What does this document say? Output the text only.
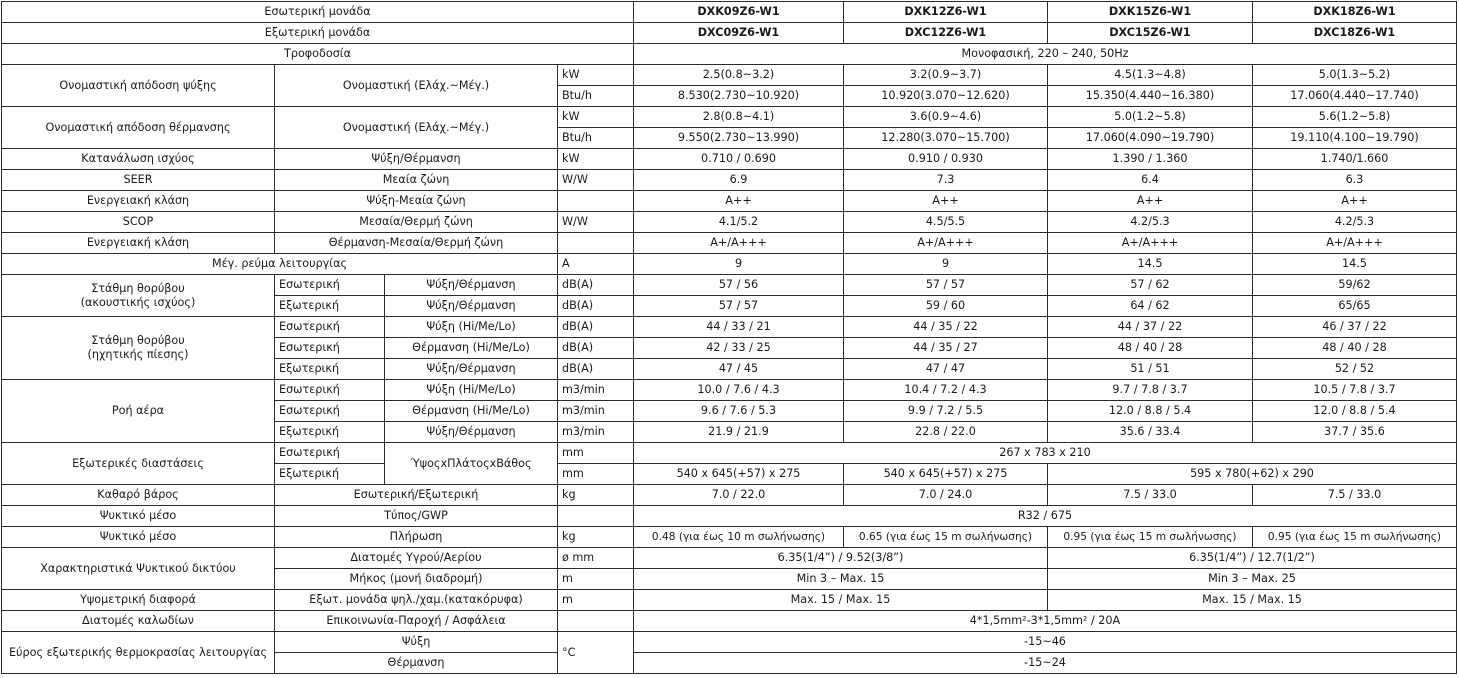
Εσωτερική μονάδα				DXK09Z6-W1	DXK12Z6-W1	DXK15Z6-W1	DXK18Z6-W1
Εξωτερική μονάδα				DXC09Z6-W1	DXC12Z6-W1	DXC15Z6-W1	DXC18Z6-W1
Τροφοδοσία				Μονοφασική, 220 – 240, 50Hz			
Ονομαστική απόδοση ψύξης	Ονομαστική (Ελάχ.~Μέγ.)		kW	2.5(0.8~3.2)	3.2(0.9~3.7)	4.5(1.3~4.8)	5.0(1.3~5.2)
			Btu/h	8.530(2.730~10.920)	10.920(3.070~12.620)	15.350(4.440~16.380)	17.060(4.440~17.740)
Ονομαστική απόδοση θέρμανσης	Ονομαστική (Ελάχ.~Μέγ.)		kW	2.8(0.8~4.1)	3.6(0.9~4.6)	5.0(1.2~5.8)	5.6(1.2~5.8)
			Btu/h	9.550(2.730~13.990)	12.280(3.070~15.700)	17.060(4.090~19.790)	19.110(4.100~19.790)
Κατανάλωση ισχύος	Ψύξη/Θέρμανση		kW	0.710 / 0.690	0.910 / 0.930	1.390 / 1.360	1.740/1.660
SEER	Μεαία ζώνη		W/W	6.9	7.3	6.4	6.3
Ενεργειακή κλάση	Ψύξη-Μεαία ζώνη			A++	A++	A++	A++
SCOP	Μεσαία/Θερμή ζώνη		W/W	4.1/5.2	4.5/5.5	4.2/5.3	4.2/5.3
Ενεργειακή κλάση	Θέρμανση-Μεσαία/Θερμή ζώνη			A+/A+++	A+/A+++	A+/A+++	A+/A+++
Μέγ. ρεύμα λειτουργίας			A	9	9	14.5	14.5

Στάθμη θορύβου
(ακουστικής ισχύος)	Εσωτερική	Ψύξη/Θέρμανση	dB(A)	57 / 56	57 / 57	57 / 62	59/62
	Εξωτερική	Ψύξη/Θέρμανση	dB(A)	57 / 57	59 / 60	64 / 62	65/65

Στάθμη θορύβου
(ηχητικής πίεσης)	Εσωτερική	Ψύξη (Hi/Me/Lo)	dB(A)	44 / 33 / 21	44 / 35 / 22	44 / 37 / 22	46 / 37 / 22
	Εσωτερική	Θέρμανση (Hi/Me/Lo)	dB(A)	42 / 33 / 25	44 / 35 / 27	48 / 40 / 28	48 / 40 / 28
	Εξωτερική	Ψύξη/Θέρμανση	dB(A)	47 / 45	47 / 47	51 / 51	52 / 52
Ροή αέρα	Εσωτερική	Ψύξη (Hi/Me/Lo)	m3/min	10.0 / 7.6 / 4.3	10.4 / 7.2 / 4.3	9.7 / 7.8 / 3.7	10.5 / 7.8 / 3.7
	Εσωτερική	Θέρμανση (Hi/Me/Lo)	m3/min	9.6 / 7.6 / 5.3	9.9 / 7.2 / 5.5	12.0 / 8.8 / 5.4	12.0 / 8.8 / 5.4
	Εξωτερική	Ψύξη/Θέρμανση	m3/min	21.9 / 21.9	22.8 / 22.0	35.6 / 33.4	37.7 / 35.6
Εξωτερικές διαστάσεις	Εσωτερική	ΎψοςxΠλάτοςxΒάθος	mm	267 x 783 x 210			
	Εξωτερική		mm	540 x 645(+57) x 275	540 x 645(+57) x 275	595 x 780(+62) x 290	
Καθαρό βάρος	Εσωτερική/Εξωτερική		kg	7.0 / 22.0	7.0 / 24.0	7.5 / 33.0	7.5 / 33.0
Ψυκτικό μέσο	Τύπος/GWP			R32 / 675			
Ψυκτικό μέσο	Πλήρωση		kg	0.48 (για έως 10 m σωλήνωσης)	0.65 (για έως 15 m σωλήνωσης)	0.95 (για έως 15 m σωλήνωσης)	0.95 (για έως 15 m σωλήνωσης)
Χαρακτηριστικά Ψυκτικού δικτύου	Διατομές Υγρού/Αερίου		ø mm	6.35(1/4”) / 9.52(3/8”)		6.35(1/4”) / 12.7(1/2”)	
	Μήκος (μονή διαδρομή)		m	Min 3 – Max. 15		Min 3 – Max. 25	
Υψομετρική διαφορά	Εξωτ. μονάδα ψηλ./χαμ.(κατακόρυφα)		m	Max. 15 / Max. 15		Max. 15 / Max. 15	
Διατομές καλωδίων	Επικοινωνία-Παροχή / Ασφάλεια			4*1,5mm²-3*1,5mm² / 20A			
Εύρος εξωτερικής θερμοκρασίας λειτουργίας	Ψύξη		°C	-15~46			
	Θέρμανση			-15~24			
